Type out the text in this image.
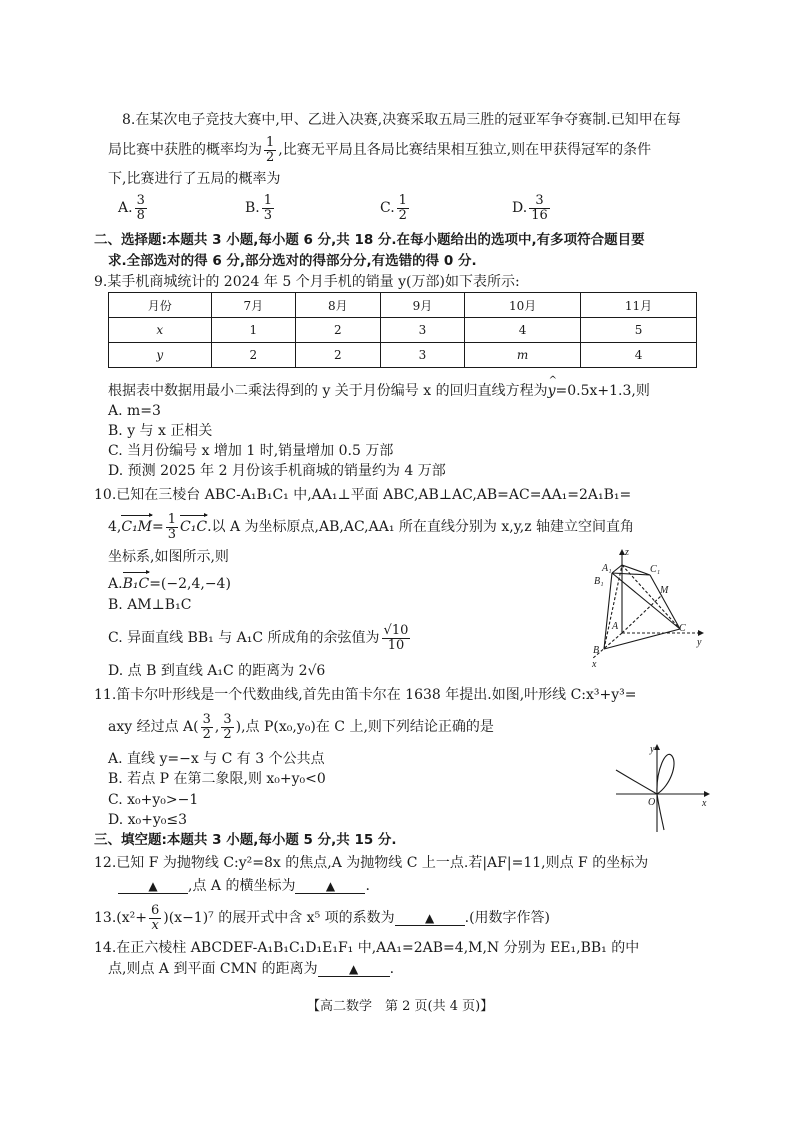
8.在某次电子竞技大赛中,甲、乙进入决赛,决赛采取五局三胜的冠亚军争夺赛制.已知甲在每
局比赛中获胜的概率均为 $\frac{1}{2}$ ,比赛无平局且各局比赛结果相互独立,则在甲获得冠军的条件
下,比赛进行了五局的概率为
A. $\frac{3}{8}$	B. $\frac{1}{3}$	C. $\frac{1}{2}$	D. $\frac{3}{16}$
二、选择题:本题共 3 小题,每小题 6 分,共 18 分.在每小题给出的选项中,有多项符合题目要
求.全部选对的得 6 分,部分选对的得部分分,有选错的得 0 分.
9.某手机商城统计的 2024 年 5 个月手机的销量 y(万部)如下表所示:
月份	7月	8月	9月	10月	11月
x	1	2	3	4	5
y	2	2	3	m	4
根据表中数据用最小二乘法得到的 y 关于月份编号 x 的回归直线方程为^ y=0.5x+1.3,则
A. m=3
B. y 与 x 正相关
C. 当月份编号 x 增加 1 时,销量增加 0.5 万部
D. 预测 2025 年 2 月份该手机商城的销量约为 4 万部
10.已知在三棱台 ABC-A₁B₁C₁ 中,AA₁⊥平面 ABC,AB⊥AC,AB=AC=AA₁=2A₁B₁=
4,
$C_1M= \frac{1}{3} C_1C$.以 A 为坐标原点,AB,AC,AA₁ 所在直线分别为 x,y,z 轴建立空间直角
坐标系,如图所示,则
A.
B₁C=(−2,4,−4)
B. AM⊥B₁C
C. 异面直线 BB₁ 与 A₁C 所成角的余弦值为 $\frac{√10}{10}$
D. 点 B 到直线 A₁C 的距离为 2√6
z
y
x
C₁
B₁
M
A	C
B
A₁
11.笛卡尔叶形线是一个代数曲线,首先由笛卡尔在 1638 年提出.如图,叶形线 C:x³+y³=
axy 经过点 $A( \frac{3}{2}$ , $\frac{3}{2}$ ),点 P(x₀,y₀)在 C 上,则下列结论正确的是
A. 直线 y=−x 与 C 有 3 个公共点
B. 若点 P 在第二象限,则 x₀+y₀<0
C. x₀+y₀>−1
D. x₀+y₀≤3
y
x
O
三、填空题:本题共 3 小题,每小题 5 分,共 15 分.
12.已知 F 为抛物线 C:y²=8x 的焦点,A 为抛物线 C 上一点.若|AF|=11,则点 F 的坐标为
▲ ,点 A 的横坐标为	▲ .
$13.(x^2+ \frac{6}{x} )(x-1)^7$ 的展开式中含 x⁵ 项的系数为	▲ .(用数字作答)
14.在正六棱柱 ABCDEF-A₁B₁C₁D₁E₁F₁ 中,AA₁=2AB=4,M,N 分别为 EE₁,BB₁ 的中
点,则点 A 到平面 CMN 的距离为	▲ .
【高二数学　第 2 页(共 4 页)】
